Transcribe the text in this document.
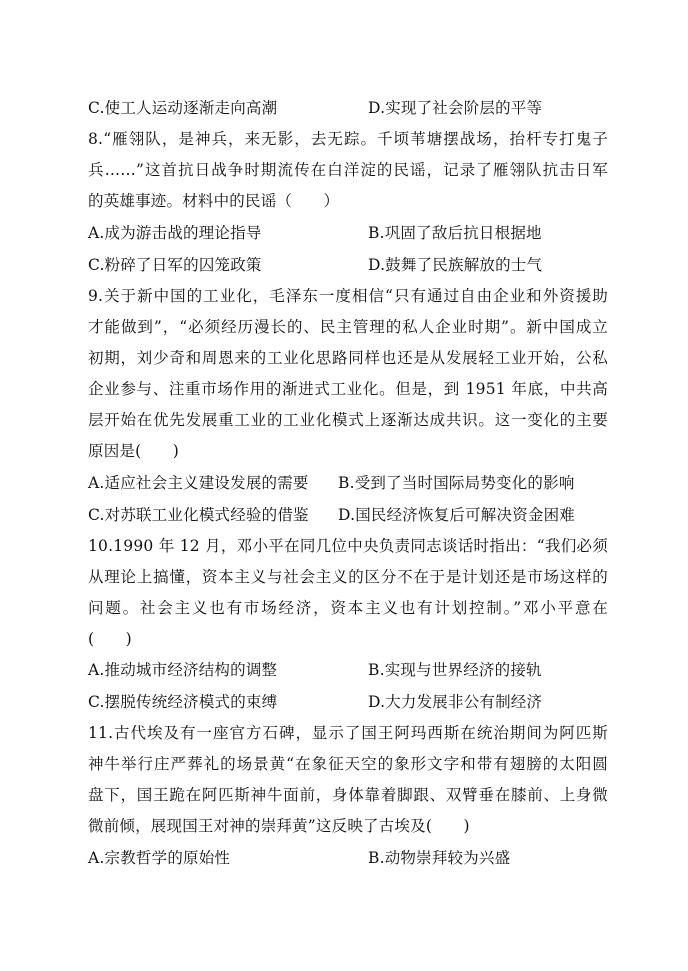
C.使工人运动逐渐走向高潮	D.实现了社会阶层的平等
8.“雁翎队，是神兵，来无影，去无踪。千顷苇塘摆战场，抬杆专打鬼子
兵……”这首抗日战争时期流传在白洋淀的民谣，记录了雁翎队抗击日军
的英雄事迹。材料中的民谣（　　）
A.成为游击战的理论指导	B.巩固了敌后抗日根据地
C.粉碎了日军的囚笼政策	D.鼓舞了民族解放的士气
9.关于新中国的工业化，毛泽东一度相信“只有通过自由企业和外资援助
才能做到”，“必须经历漫长的、民主管理的私人企业时期”。新中国成立
初期，刘少奇和周恩来的工业化思路同样也还是从发展轻工业开始，公私
企业参与、注重市场作用的渐进式工业化。但是，到 1951 年底，中共高
层开始在优先发展重工业的工业化模式上逐渐达成共识。这一变化的主要
原因是(　　)
A.适应社会主义建设发展的需要 B.受到了当时国际局势变化的影响
C.对苏联工业化模式经验的借鉴 D.国民经济恢复后可解决资金困难
10.1990 年 12 月，邓小平在同几位中央负责同志谈话时指出：“我们必须
从理论上搞懂，资本主义与社会主义的区分不在于是计划还是市场这样的
问题。社会主义也有市场经济，资本主义也有计划控制。”邓小平意在
(　　)
A.推动城市经济结构的调整	B.实现与世界经济的接轨
C.摆脱传统经济模式的束缚	D.大力发展非公有制经济
11.古代埃及有一座官方石碑，显示了国王阿玛西斯在统治期间为阿匹斯
神牛举行庄严葬礼的场景黄“在象征天空的象形文字和带有翅膀的太阳圆
盘下，国王跪在阿匹斯神牛面前，身体靠着脚跟、双臂垂在膝前、上身微
微前倾，展现国王对神的崇拜黄”这反映了古埃及(　　)
A.宗教哲学的原始性	B.动物崇拜较为兴盛
